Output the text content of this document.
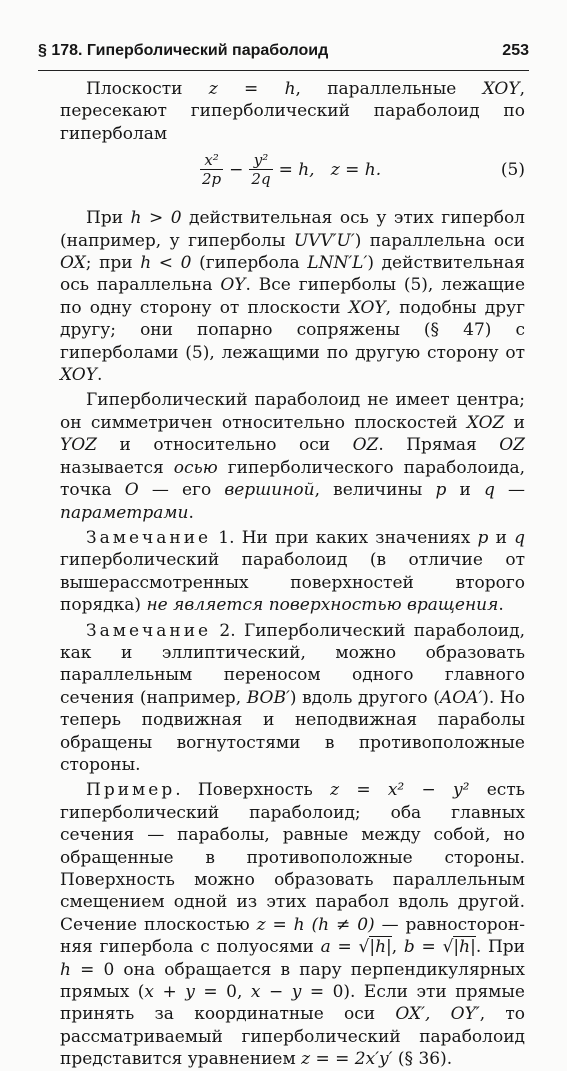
§ 178. Гиперболический параболоид	253

Плоскости z = h, параллельные XOY, пересекают гиперболический параболоид по гиперболам

$\frac{\text{x²}}{2p} - \frac{\text{y²}}{2q} = h$,   z = h.	(5)

При h > 0 действительная ось у этих гипербол (например, у гиперболы UVV′U′) параллельна оси OX; при h < 0 (гипербола LNN′L′) действительная ось параллельна OY. Все гиперболы (5), лежащие по одну сторону от плоскости XOY, подобны друг другу; они попарно сопряжены (§ 47) с гиперболами (5), лежащими по другую сторону от XOY.

Гиперболический параболоид не имеет центра; он симметричен относительно плоскостей XOZ и YOZ и относительно оси OZ. Прямая OZ называется осью гиперболического параболоида, точка O — его вершиной, величины p и q — параметрами.

Замечание 1. Ни при каких значениях p и q гиперболический параболоид (в отличие от вышерассмотренных поверхностей второго порядка) не является поверхностью вращения.

Замечание 2. Гиперболический параболоид, как и эллиптический, можно образовать параллельным переносом одного главного сечения (например, BOB′) вдоль другого (AOA′). Но теперь подвижная и неподвижная параболы обращены вогнутостями в противоположные стороны.

Пример. Поверхность z = x² − y² есть гиперболический параболоид; оба главных сечения — параболы, равные между собой, но обращенные в противоположные стороны. Поверхность можно образовать параллельным смещением одной из этих парабол вдоль другой. Сечение плоскостью z = h (h ≠ 0) — равносторонняя гипербола с полуосями a = √|h|, b = √|h|. При h = 0 она обращается в пару перпендикулярных прямых (x + y = 0, x − y = 0). Если эти прямые принять за координатные оси OX′, OY′, то рассматриваемый гиперболический параболоид представится уравнением z = = 2x′y′ (§ 36).
